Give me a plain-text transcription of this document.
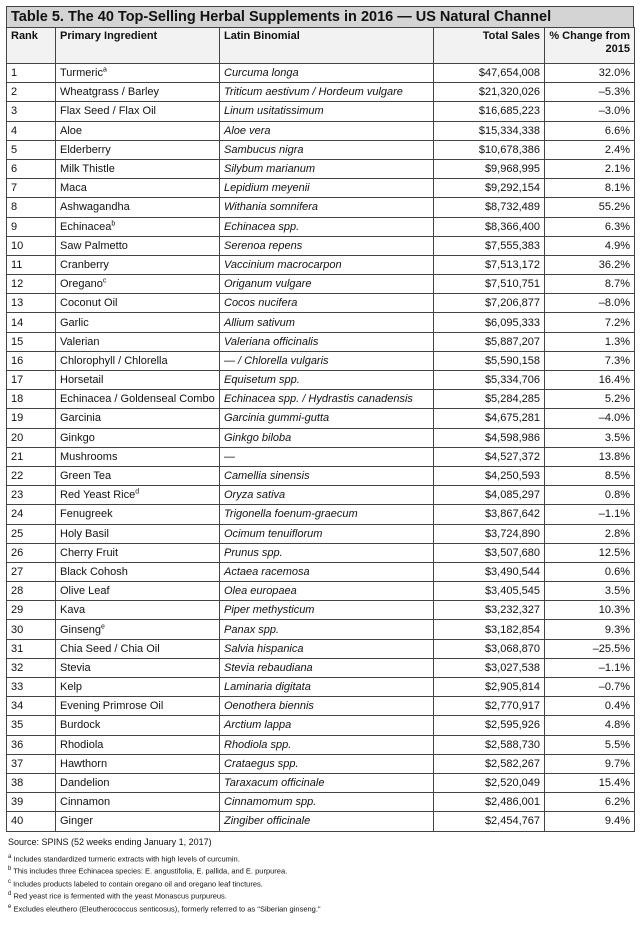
Table 5. The 40 Top-Selling Herbal Supplements in 2016 — US Natural Channel
Rank	Primary Ingredient	Latin Binomial	Total Sales	% Change from 2015
1	Turmeric$^a$	Curcuma longa	$47,654,008	32.0%
2	Wheatgrass / Barley	Triticum aestivum / Hordeum vulgare	$21,320,026	–5.3%
3	Flax Seed / Flax Oil	Linum usitatissimum	$16,685,223	–3.0%
4	Aloe	Aloe vera	$15,334,338	6.6%
5	Elderberry	Sambucus nigra	$10,678,386	2.4%
6	Milk Thistle	Silybum marianum	$9,968,995	2.1%
7	Maca	Lepidium meyenii	$9,292,154	8.1%
8	Ashwagandha	Withania somnifera	$8,732,489	55.2%
9	Echinacea$^b$	Echinacea spp.	$8,366,400	6.3%
10	Saw Palmetto	Serenoa repens	$7,555,383	4.9%
11	Cranberry	Vaccinium macrocarpon	$7,513,172	36.2%
12	Oregano$^c$	Origanum vulgare	$7,510,751	8.7%
13	Coconut Oil	Cocos nucifera	$7,206,877	–8.0%
14	Garlic	Allium sativum	$6,095,333	7.2%
15	Valerian	Valeriana officinalis	$5,887,207	1.3%
16	Chlorophyll / Chlorella	— / Chlorella vulgaris	$5,590,158	7.3%
17	Horsetail	Equisetum spp.	$5,334,706	16.4%
18	Echinacea / Goldenseal Combo	Echinacea spp. / Hydrastis canadensis	$5,284,285	5.2%
19	Garcinia	Garcinia gummi-gutta	$4,675,281	–4.0%
20	Ginkgo	Ginkgo biloba	$4,598,986	3.5%
21	Mushrooms	—	$4,527,372	13.8%
22	Green Tea	Camellia sinensis	$4,250,593	8.5%
23	Red Yeast Rice$^d$	Oryza sativa	$4,085,297	0.8%
24	Fenugreek	Trigonella foenum-graecum	$3,867,642	–1.1%
25	Holy Basil	Ocimum tenuiflorum	$3,724,890	2.8%
26	Cherry Fruit	Prunus spp.	$3,507,680	12.5%
27	Black Cohosh	Actaea racemosa	$3,490,544	0.6%
28	Olive Leaf	Olea europaea	$3,405,545	3.5%
29	Kava	Piper methysticum	$3,232,327	10.3%
30	Ginseng$^e$	Panax spp.	$3,182,854	9.3%
31	Chia Seed / Chia Oil	Salvia hispanica	$3,068,870	–25.5%
32	Stevia	Stevia rebaudiana	$3,027,538	–1.1%
33	Kelp	Laminaria digitata	$2,905,814	–0.7%
34	Evening Primrose Oil	Oenothera biennis	$2,770,917	0.4%
35	Burdock	Arctium lappa	$2,595,926	4.8%
36	Rhodiola	Rhodiola spp.	$2,588,730	5.5%
37	Hawthorn	Crataegus spp.	$2,582,267	9.7%
38	Dandelion	Taraxacum officinale	$2,520,049	15.4%
39	Cinnamon	Cinnamomum spp.	$2,486,001	6.2%
40	Ginger	Zingiber officinale	$2,454,767	9.4%
Source: SPINS (52 weeks ending January 1, 2017)
$^a$ Includes standardized turmeric extracts with high levels of curcumin.
$^b$ This includes three Echinacea species: E. angustifolia, E. pallida, and E. purpurea.
$^c$ Includes products labeled to contain oregano oil and oregano leaf tinctures.
$^d$ Red yeast rice is fermented with the yeast Monascus purpureus.
$^e$ Excludes eleuthero (Eleutherococcus senticosus), formerly referred to as "Siberian ginseng."
